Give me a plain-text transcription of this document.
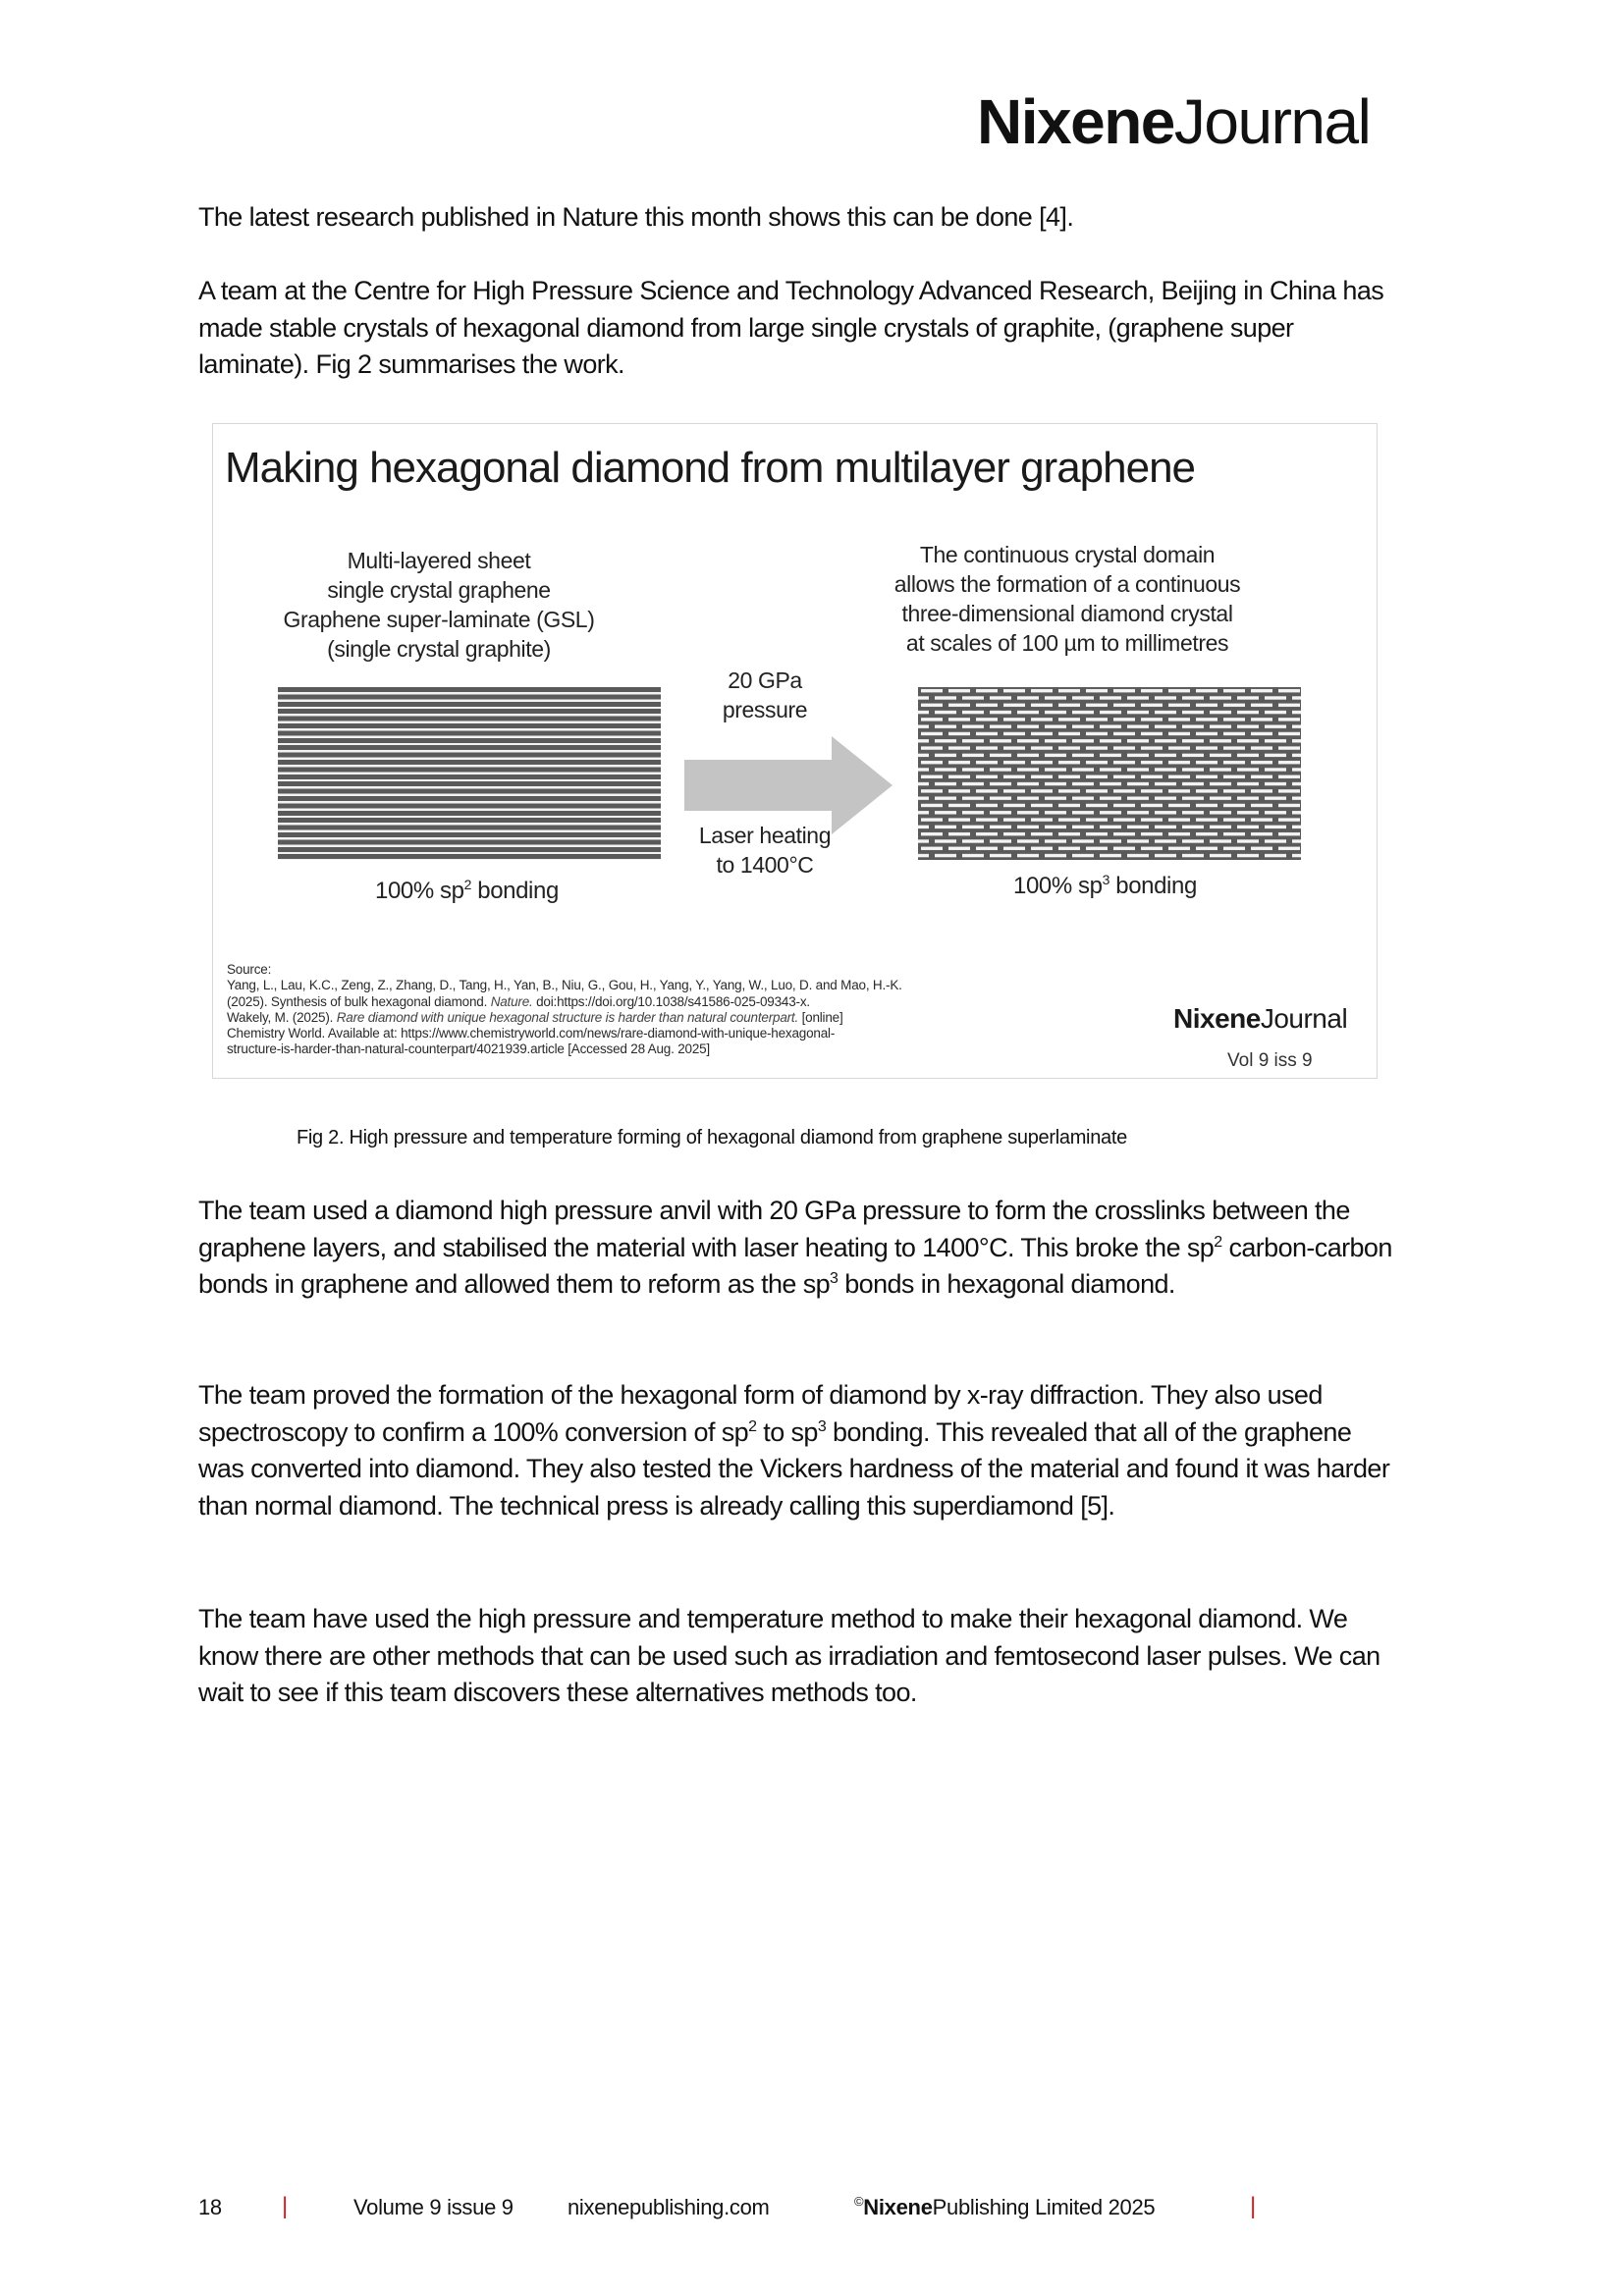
NixeneJournal

The latest research published in Nature this month shows this can be done [4].

A team at the Centre for High Pressure Science and Technology Advanced Research, Beijing in China has made stable crystals of hexagonal diamond from large single crystals of graphite, (graphene super laminate). Fig 2 summarises the work.

Making hexagonal diamond from multilayer graphene
Multi-layered sheet
single crystal graphene
Graphene super-laminate (GSL)
(single crystal graphite)
The continuous crystal domain
allows the formation of a continuous
three-dimensional diamond crystal
at scales of 100 µm to millimetres
20 GPa
pressure
Laser heating
to 1400°C
100% $sp^2$ bonding	100% $sp^3$ bonding
Source:
Yang, L., Lau, K.C., Zeng, Z., Zhang, D., Tang, H., Yan, B., Niu, G., Gou, H., Yang, Y., Yang, W., Luo, D. and Mao, H.-K.
(2025). Synthesis of bulk hexagonal diamond. Nature. doi:https://doi.org/10.1038/s41586-025-09343-x.
Wakely, M. (2025). Rare diamond with unique hexagonal structure is harder than natural counterpart. [online]
Chemistry World. Available at: https://www.chemistryworld.com/news/rare-diamond-with-unique-hexagonal-
structure-is-harder-than-natural-counterpart/4021939.article [Accessed 28 Aug. 2025]
NixeneJournal
Vol 9 iss 9
Fig 2. High pressure and temperature forming of hexagonal diamond from graphene superlaminate

The team used a diamond high pressure anvil with 20 GPa pressure to form the crosslinks between the graphene layers, and stabilised the material with laser heating to 1400°C. This broke the $sp^2$ carbon-carbon bonds in graphene and allowed them to reform as the $sp^3$ bonds in hexagonal diamond.

The team proved the formation of the hexagonal form of diamond by x-ray diffraction. They also used spectroscopy to confirm a 100% conversion of $sp^2$ to $sp^3$ bonding. This revealed that all of the graphene was converted into diamond. They also tested the Vickers hardness of the material and found it was harder than normal diamond. The technical press is already calling this superdiamond [5].

The team have used the high pressure and temperature method to make their hexagonal diamond. We know there are other methods that can be used such as irradiation and femtosecond laser pulses. We can wait to see if this team discovers these alternatives methods too.

18	|	Volume 9 issue 9	nixenepublishing.com	©NixenePublishing Limited 2025	|
